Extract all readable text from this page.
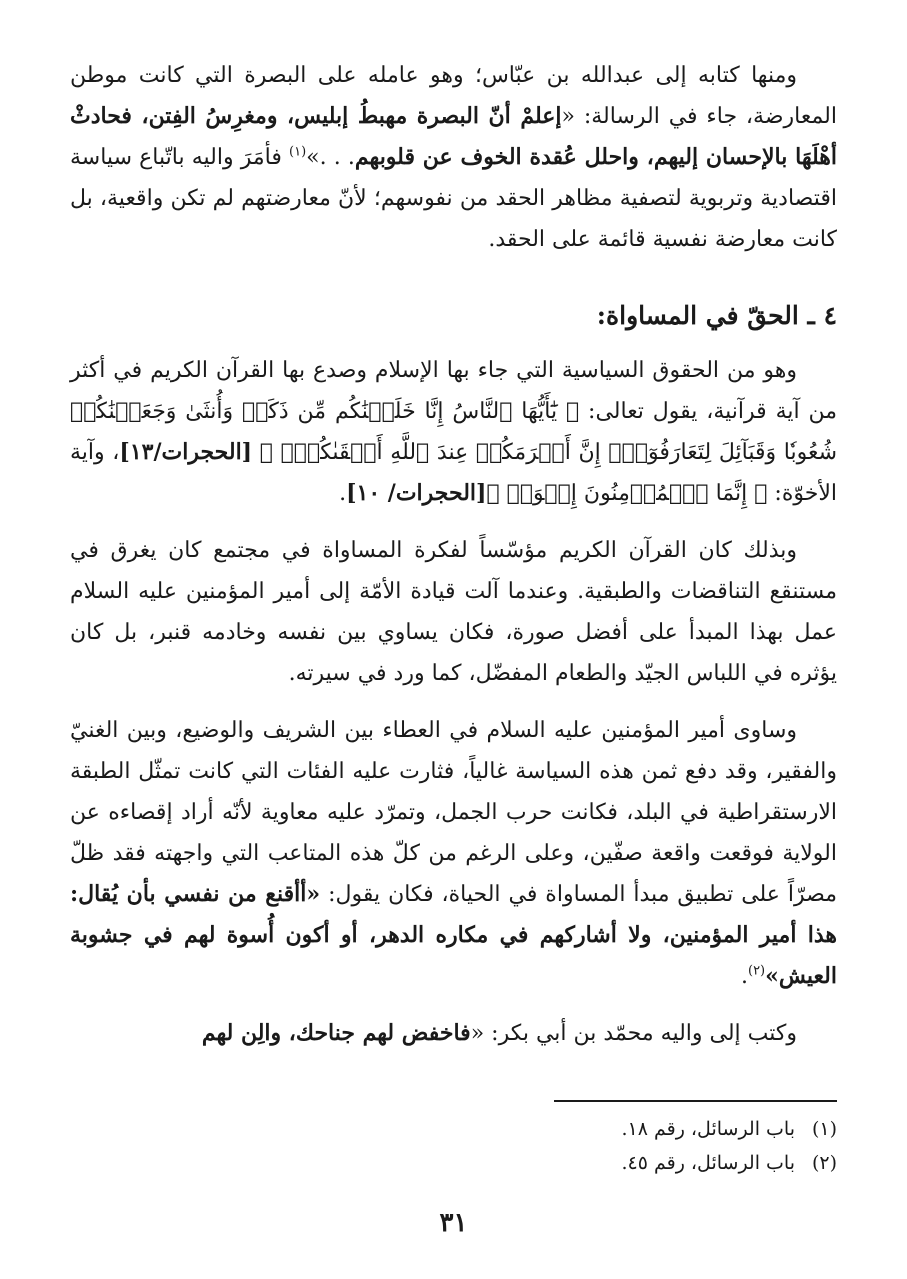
ومنها كتابه إلى عبدالله بن عبّاس؛ وهو عامله على البصرة التي كانت موطن المعارضة، جاء في الرسالة: «إعلمْ أنّ البصرة مهبطُ إبليس، ومغرِسُ الفِتن، فحادثْ أهْلَهَا بالإحسان إليهم، واحلل عُقدة الخوف عن قلوبهم. . .»$^{(١)}$ فأمَرَ واليه باتّباع سياسة اقتصادية وتربوية لتصفية مظاهر الحقد من نفوسهم؛ لأنّ معارضتهم لم تكن واقعية، بل كانت معارضة نفسية قائمة على الحقد.

٤ ـ الحقّ في المساواة:

وهو من الحقوق السياسية التي جاء بها الإسلام وصدع بها القرآن الكريم في أكثر من آية قرآنية، يقول تعالى: ﴿ يَٰٓأَيُّهَا ٱلنَّاسُ إِنَّا خَلَقۡنَٰكُم مِّن ذَكَرٖ وَأُنثَىٰ وَجَعَلۡنَٰكُمۡ شُعُوبٗا وَقَبَآئِلَ لِتَعَارَفُوٓاْۚ إِنَّ أَكۡرَمَكُمۡ عِندَ ٱللَّهِ أَتۡقَىٰكُمۡۚ ﴾ [الحجرات/١٣]، وآية الأخوّة: ﴿ إِنَّمَا ٱلۡمُؤۡمِنُونَ إِخۡوَةٞ ﴾[الحجرات/ ١٠].

وبذلك كان القرآن الكريم مؤسّساً لفكرة المساواة في مجتمع كان يغرق في مستنقع التناقضات والطبقية. وعندما آلت قيادة الأمّة إلى أمير المؤمنين عليه السلام عمل بهذا المبدأ على أفضل صورة، فكان يساوي بين نفسه وخادمه قنبر، بل كان يؤثره في اللباس الجيّد والطعام المفضّل، كما ورد في سيرته.

وساوى أمير المؤمنين عليه السلام في العطاء بين الشريف والوضيع، وبين الغنيّ والفقير، وقد دفع ثمن هذه السياسة غالياً، فثارت عليه الفئات التي كانت تمثّل الطبقة الارستقراطية في البلد، فكانت حرب الجمل، وتمرّد عليه معاوية لأنّه أراد إقصاءه عن الولاية فوقعت واقعة صفّين، وعلى الرغم من كلّ هذه المتاعب التي واجهته فقد ظلّ مصرّاً على تطبيق مبدأ المساواة في الحياة، فكان يقول: «أأقنع من نفسي بأن يُقال: هذا أمير المؤمنين، ولا أشاركهم في مكاره الدهر، أو أكون أُسوة لهم في جشوبة العيش»$^{(٢)}$.

وكتب إلى واليه محمّد بن أبي بكر: «فاخفض لهم جناحك، والِن لهم

(١)باب الرسائل، رقم ١٨.
(٢)باب الرسائل، رقم ٤٥.
٣١
